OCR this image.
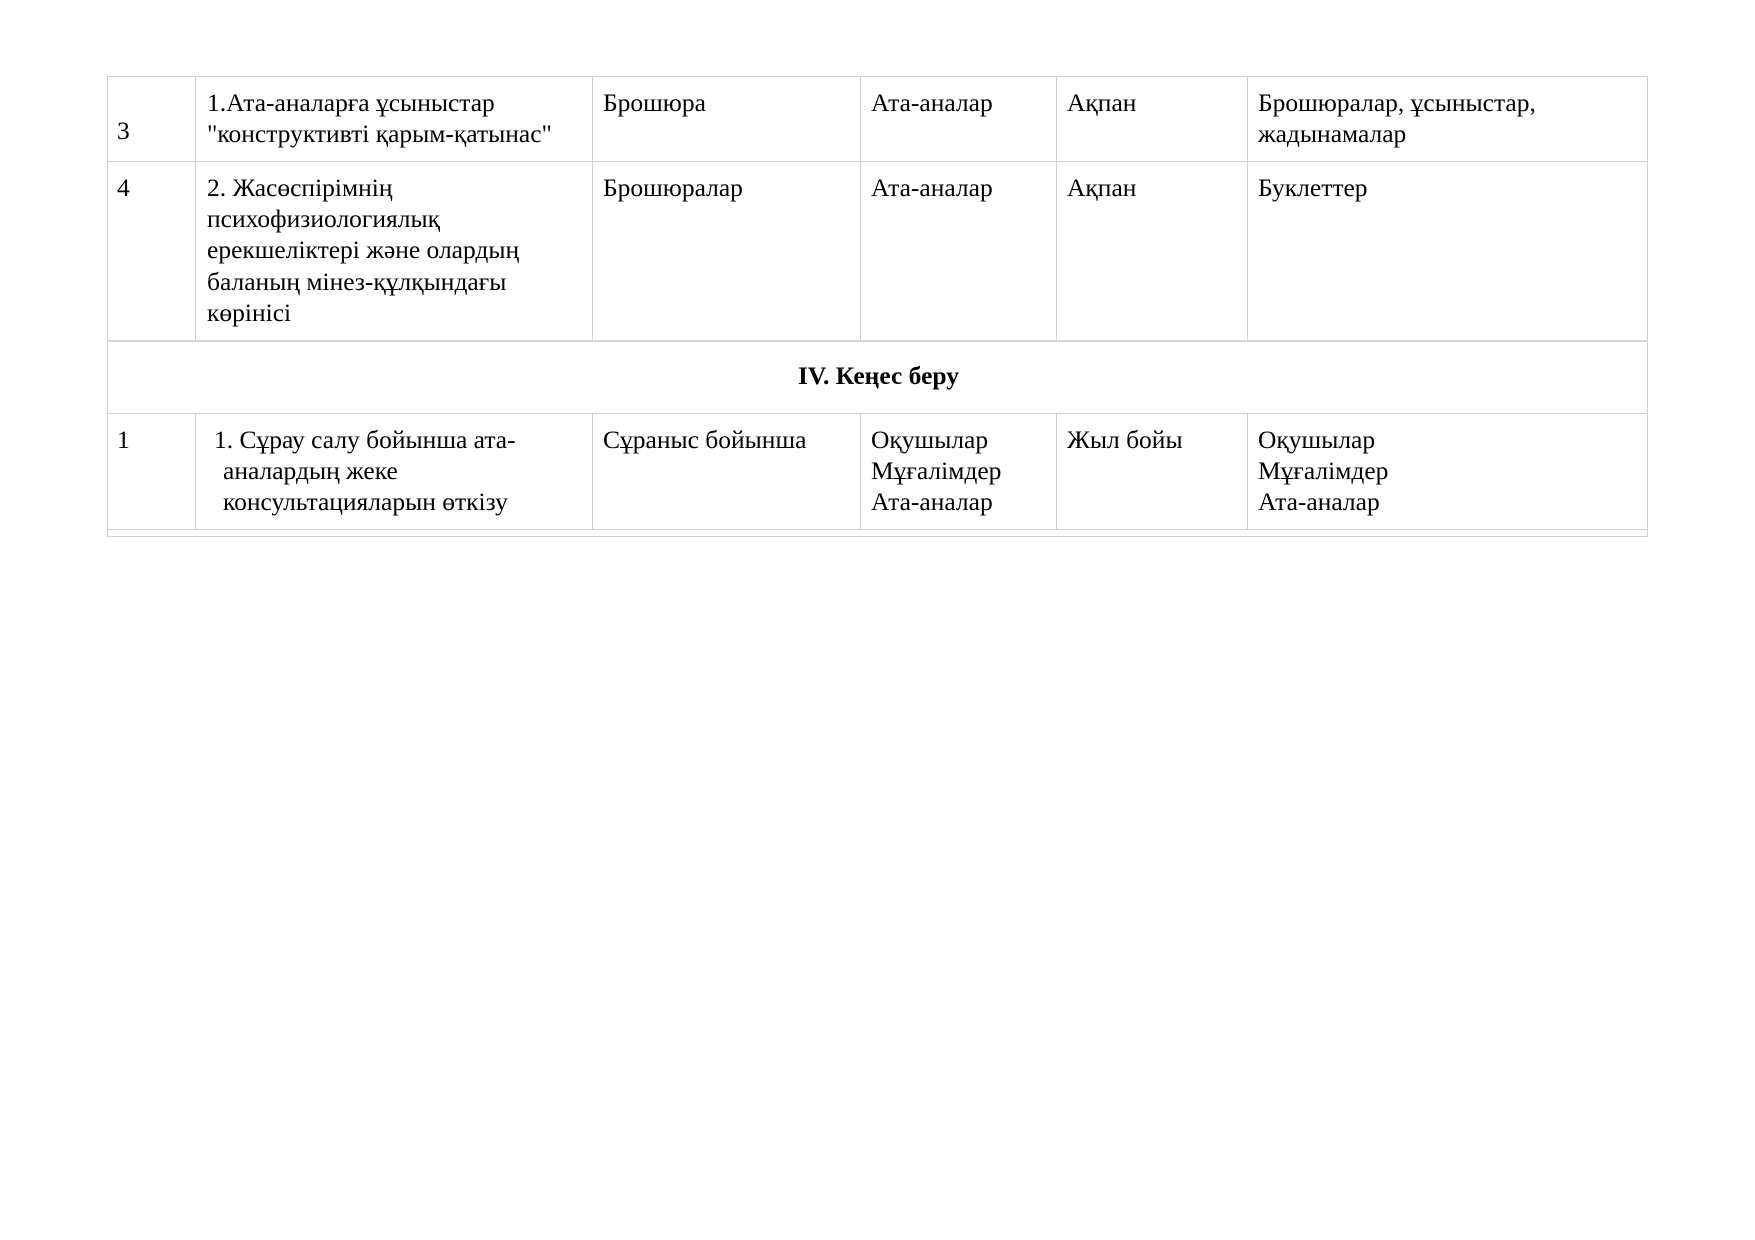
3	1.Ата-аналарға ұсыныстар
"конструктивті қарым-қатынас"	Брошюра	Ата-аналар	Ақпан	Брошюралар, ұсыныстар,
жадынамалар

4	2. Жасөспірімнің
психофизиологиялық
ерекшеліктері және олардың
баланың мінез-құлқындағы
көрінісі	Брошюралар	Ата-аналар	Ақпан	Буклеттер

IV. Кеңес беру					
1	1. Сұрау салу бойынша ата-
аналардың жеке
консультацияларын өткізу	Сұраныс бойынша	Оқушылар
Мұғалімдер
Ата-аналар	Жыл бойы	Оқушылар
Мұғалімдер
Ата-аналар
